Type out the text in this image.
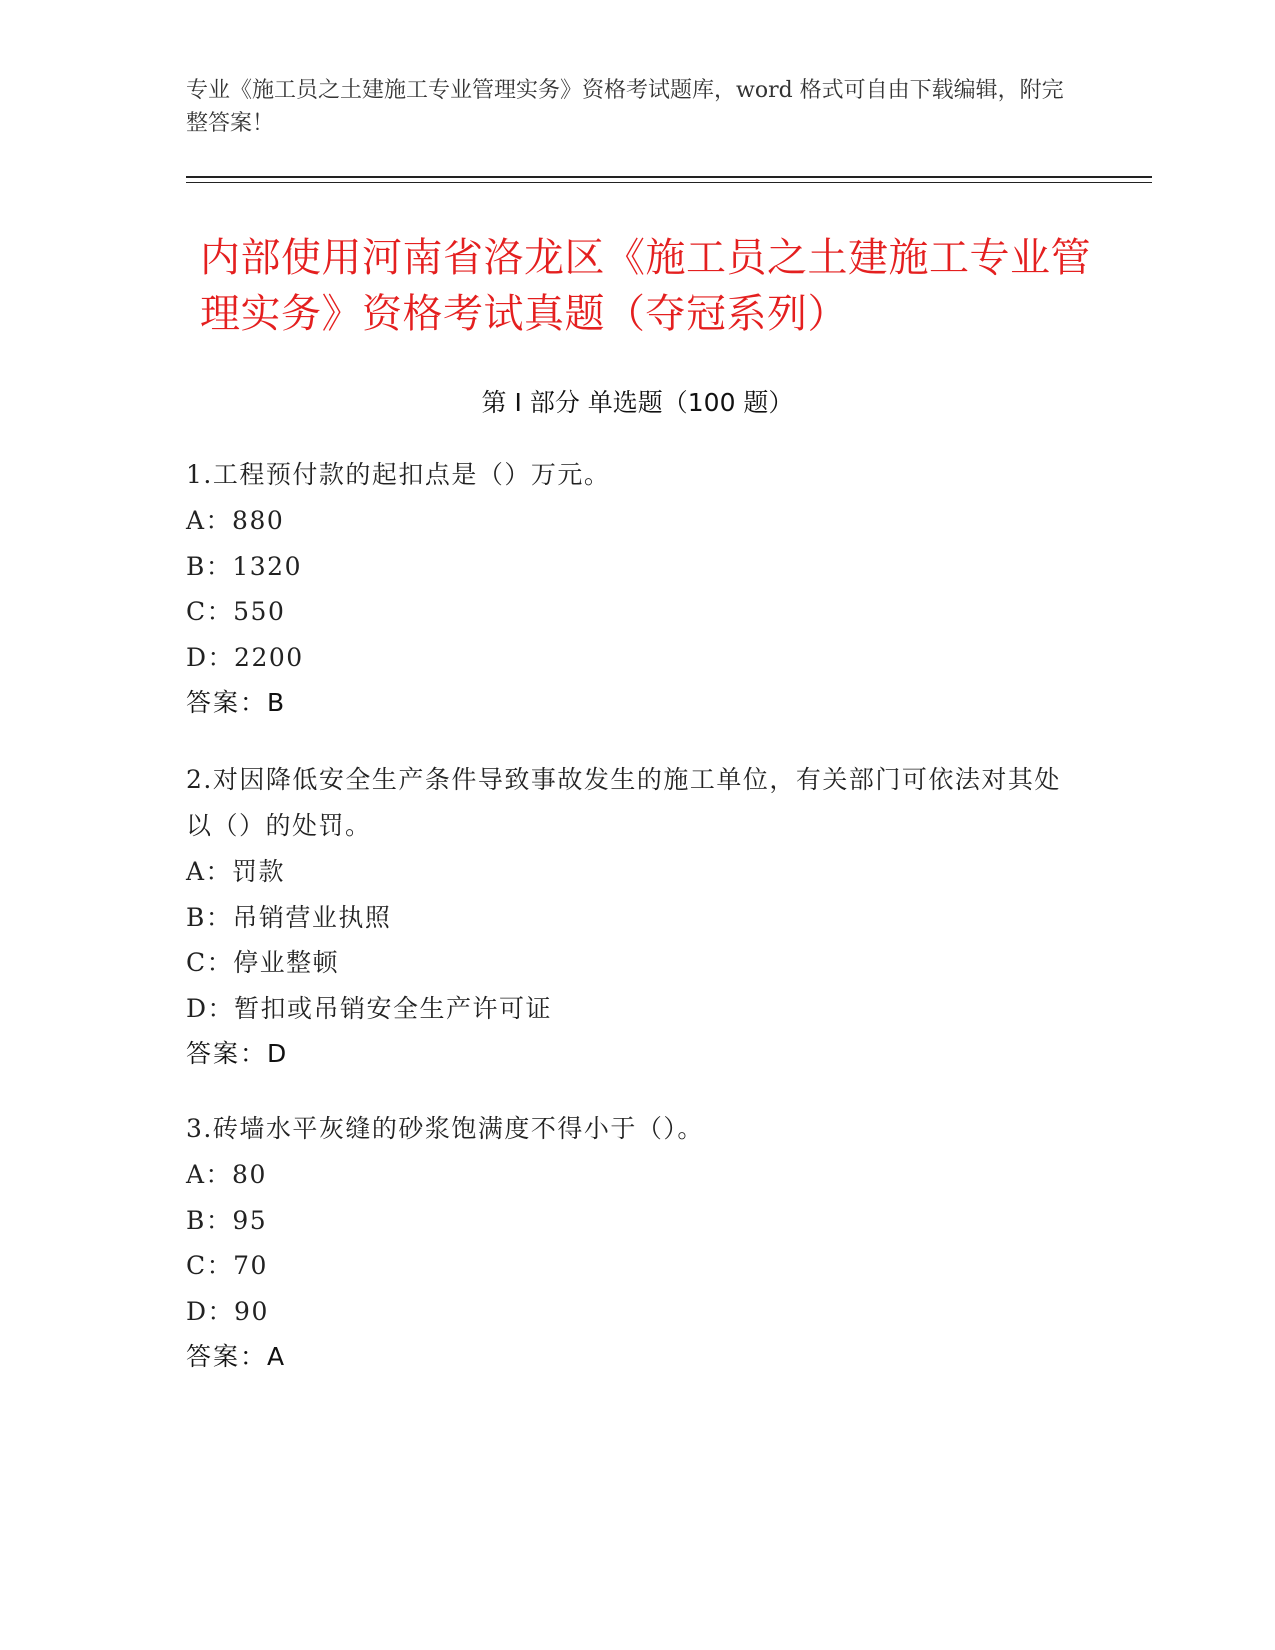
专业《施工员之土建施工专业管理实务》资格考试题库，word 格式可自由下载编辑，附完整答案！
内部使用河南省洛龙区《施工员之土建施工专业管理实务》资格考试真题（夺冠系列）
第 I 部分 单选题（100 题）
1.工程预付款的起扣点是（）万元。
A：880
B：1320
C：550
D：2200
答案：B
2.对因降低安全生产条件导致事故发生的施工单位，有关部门可依法对其处以（）的处罚。
A：罚款
B：吊销营业执照
C：停业整顿
D：暂扣或吊销安全生产许可证
答案：D
3.砖墙水平灰缝的砂浆饱满度不得小于（）。
A：80
B：95
C：70
D：90
答案：A
